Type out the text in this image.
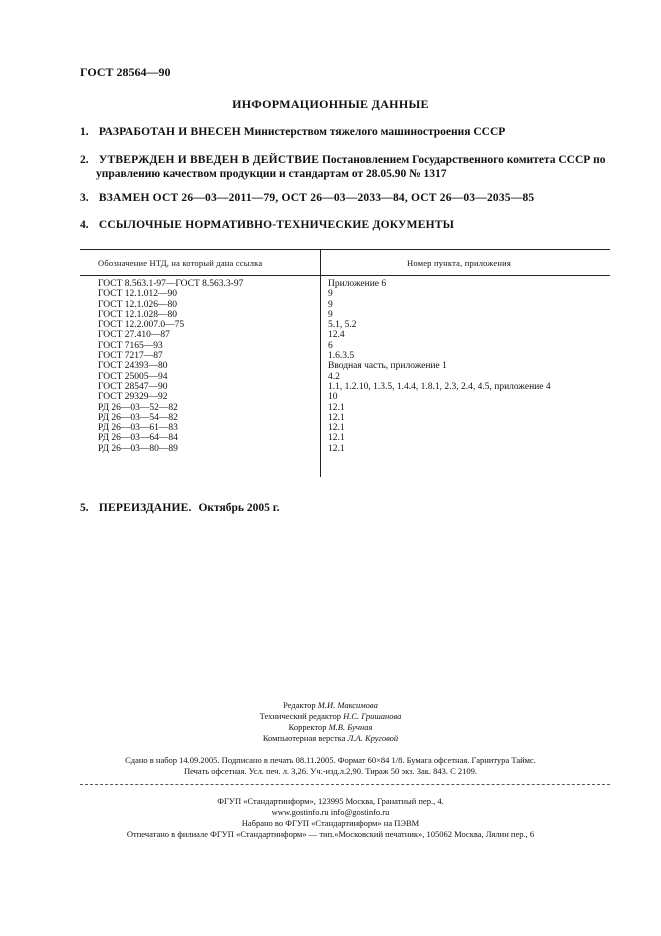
ГОСТ 28564—90
ИНФОРМАЦИОННЫЕ ДАННЫЕ
1. РАЗРАБОТАН И ВНЕСЕН Министерством тяжелого машиностроения СССР
2. УТВЕРЖДЕН И ВВЕДЕН В ДЕЙСТВИЕ Постановлением Государственного комитета СССР по
управлению качеством продукции и стандартам от 28.05.90 № 1317
3. ВЗАМЕН ОСТ 26—03—2011—79, ОСТ 26—03—2033—84, ОСТ 26—03—2035—85
4. ССЫЛОЧНЫЕ НОРМАТИВНО-ТЕХНИЧЕСКИЕ ДОКУМЕНТЫ
Обозначение НТД, на который дана ссылка	Номер пункта, приложения
ГОСТ 8.563.1-97—ГОСТ 8.563.3-97	Приложение 6
ГОСТ 12.1.012—90	9
ГОСТ 12.1.026—80	9
ГОСТ 12.1.028—80	9
ГОСТ 12.2.007.0—75	5.1, 5.2
ГОСТ 27.410—87	12.4
ГОСТ 7165—93	6
ГОСТ 7217—87	1.6.3.5
ГОСТ 24393—80	Вводная часть, приложение 1
ГОСТ 25005—94	4.2
ГОСТ 28547—90	1.1, 1.2.10, 1.3.5, 1.4.4, 1.8.1, 2.3, 2.4, 4.5, приложение 4
ГОСТ 29329—92	10
РД 26—03—52—82	12.1
РД 26—03—54—82	12.1
РД 26—03—61—83	12.1
РД 26—03—64—84	12.1
РД 26—03—80—89	12.1
5. ПЕРЕИЗДАНИЕ. Октябрь 2005 г.
Редактор М.И. Максимова
Технический редактор Н.С. Гришанова
Корректор М.В. Бучная
Компьютерная верстка Л.А. Круговой
Сдано в набор 14.09.2005. Подписано в печать 08.11.2005. Формат 60×84 1/8. Бумага офсетная. Гарнитура Таймс.
Печать офсетная. Усл. печ. л. 3,26. Уч.-изд.л.2,90. Тираж 50 экз. Зак. 843. С 2109.
ФГУП «Стандартинформ», 123995 Москва, Гранатный пер., 4.
www.gostinfo.ru info@gostinfo.ru
Набрано во ФГУП «Стандартинформ» на ПЭВМ
Отпечатано в филиале ФГУП «Стандартинформ» — тип.«Московский печатник», 105062 Москва, Лялин пер., 6
